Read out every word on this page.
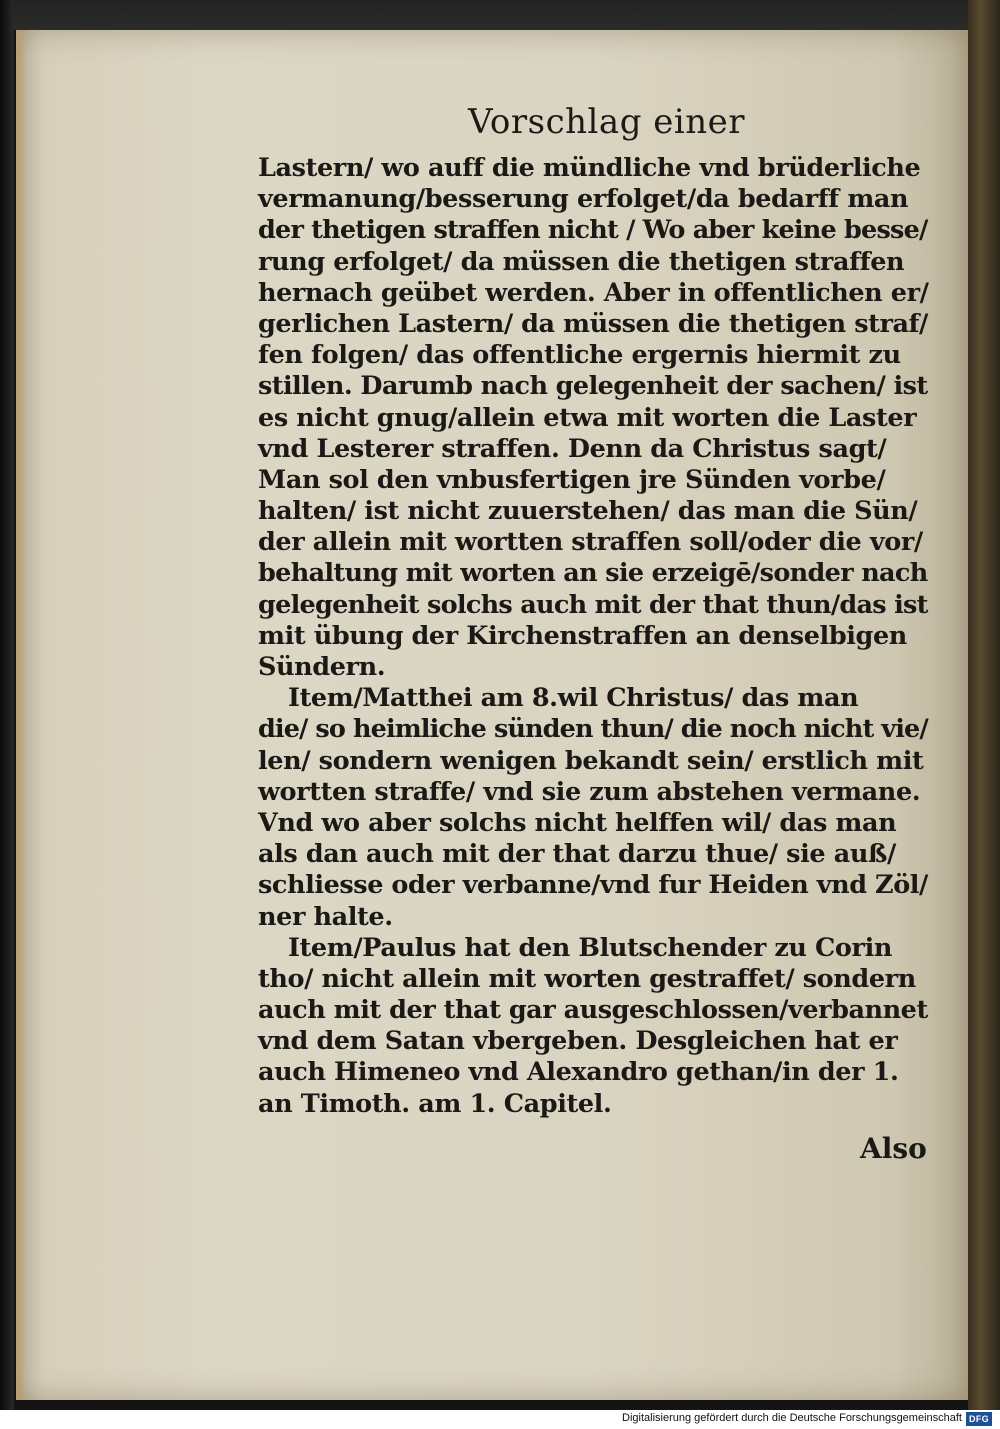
Vorschlag einer
Lastern/ wo auff die mündliche vnd brüderliche
vermanung/besserung erfolget/da bedarff man
der thetigen straffen nicht / Wo aber keine besse/
rung erfolget/ da müssen die thetigen straffen
hernach geübet werden. Aber in offentlichen er/
gerlichen Lastern/ da müssen die thetigen straf/
fen folgen/ das offentliche ergernis hiermit zu
stillen. Darumb nach gelegenheit der sachen/ ist
es nicht gnug/allein etwa mit worten die Laster
vnd Lesterer straffen. Denn da Christus sagt/
Man sol den vnbusfertigen jre Sünden vorbe/
halten/ ist nicht zuuerstehen/ das man die Sün/
der allein mit wortten straffen soll/oder die vor/
behaltung mit worten an sie erzeigē/sonder nach
gelegenheit solchs auch mit der that thun/das ist
mit übung der Kirchenstraffen an denselbigen
Sündern.
Item/Matthei am 8.wil Christus/ das man
die/ so heimliche sünden thun/ die noch nicht vie/
len/ sondern wenigen bekandt sein/ erstlich mit
wortten straffe/ vnd sie zum abstehen vermane.
Vnd wo aber solchs nicht helffen wil/ das man
als dan auch mit der that darzu thue/ sie auß/
schliesse oder verbanne/vnd fur Heiden vnd Zöl/
ner halte.
Item/Paulus hat den Blutschender zu Corin
tho/ nicht allein mit worten gestraffet/ sondern
auch mit der that gar ausgeschlossen/verbannet
vnd dem Satan vbergeben. Desgleichen hat er
auch Himeneo vnd Alexandro gethan/in der 1.
an Timoth. am 1. Capitel.
Also
Digitalisierung gefördert durch die Deutsche Forschungsgemeinschaft DFG
